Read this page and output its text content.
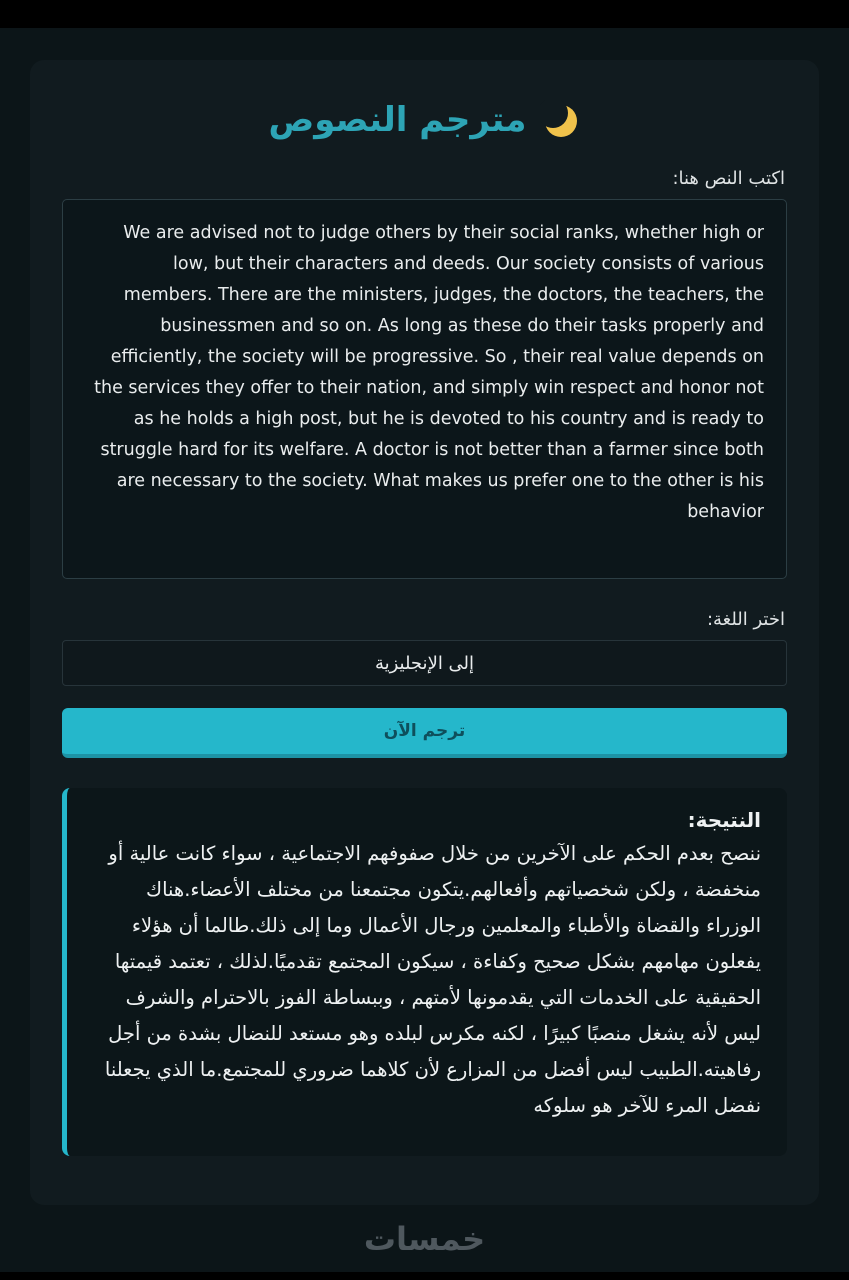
مترجم النصوص
اكتب النص هنا:
We are advised not to judge others by their social ranks, whether high or low, but their characters and deeds. Our society consists of various members. There are the ministers, judges, the doctors, the teachers, the businessmen and so on. As long as these do their tasks properly and efficiently, the society will be progressive. So , their real value depends on the services they offer to their nation, and simply win respect and honor not as he holds a high post, but he is devoted to his country and is ready to struggle hard for its welfare. A doctor is not better than a farmer since both are necessary to the society. What makes us prefer one to the other is his behavior
اختر اللغة:
إلى الإنجليزية
ترجم الآن
النتيجة:

ننصح بعدم الحكم على الآخرين من خلال صفوفهم الاجتماعية ، سواء كانت عالية أو منخفضة ، ولكن شخصياتهم وأفعالهم.يتكون مجتمعنا من مختلف الأعضاء.هناك الوزراء والقضاة والأطباء والمعلمين ورجال الأعمال وما إلى ذلك.طالما أن هؤلاء يفعلون مهامهم بشكل صحيح وكفاءة ، سيكون المجتمع تقدميًا.لذلك ، تعتمد قيمتها الحقيقية على الخدمات التي يقدمونها لأمتهم ، وببساطة الفوز بالاحترام والشرف ليس لأنه يشغل منصبًا كبيرًا ، لكنه مكرس لبلده وهو مستعد للنضال بشدة من أجل رفاهيته.الطبيب ليس أفضل من المزارع لأن كلاهما ضروري للمجتمع.ما الذي يجعلنا نفضل المرء للآخر هو سلوكه

خمسات
